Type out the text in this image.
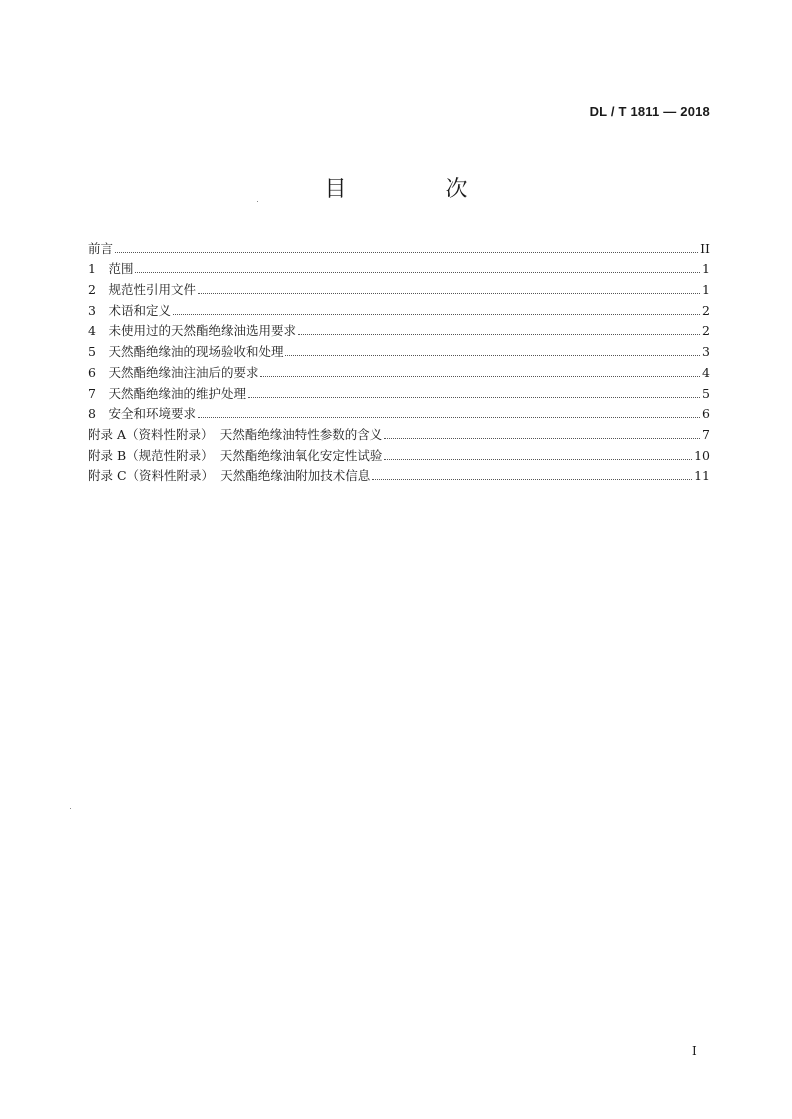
DL / T 1811 — 2018
目 次
前言	II
1　范围	1
2　规范性引用文件	1
3　术语和定义	2
4　未使用过的天然酯绝缘油选用要求	2
5　天然酯绝缘油的现场验收和处理	3
6　天然酯绝缘油注油后的要求	4
7　天然酯绝缘油的维护处理	5
8　安全和环境要求	6
附录 A（资料性附录）　天然酯绝缘油特性参数的含义	7
附录 B（规范性附录）　天然酯绝缘油氧化安定性试验	10
附录 C（资料性附录）　天然酯绝缘油附加技术信息	11
I
